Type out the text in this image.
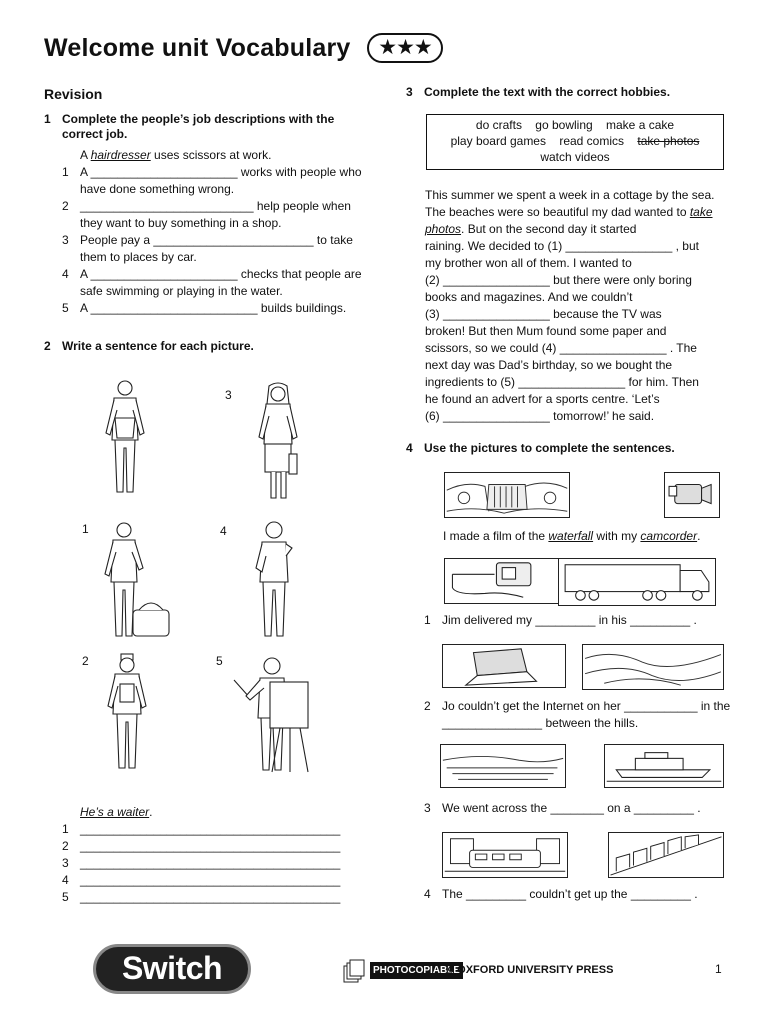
Welcome unit Vocabulary	★★★
Revision
1 Complete the people’s job descriptions with the correct job.
A hairdresser uses scissors at work.
1 A ______________________ works with people who have done something wrong.
2 __________________________ help people when they want to buy something in a shop.
3 People pay a ________________________ to take them to places by car.
4 A ______________________ checks that people are safe swimming or playing in the water.
5 A _________________________ builds buildings.
2 Write a sentence for each picture.
3
1	4
2	5
He’s a waiter.
1 _______________________________________
2 _______________________________________
3 _______________________________________
4 _______________________________________
5 _______________________________________
3 Complete the text with the correct hobbies.
do crafts go bowling make a cake
play board games read comics take photos
watch videos
This summer we spent a week in a cottage by the sea. The beaches were so beautiful my dad wanted to take photos. But on the second day it started
raining. We decided to (1) ________________ , but
my brother won all of them. I wanted to
(2) ________________ but there were only boring
books and magazines. And we couldn’t
(3) ________________ because the TV was
broken! But then Mum found some paper and
scissors, so we could (4) ________________ . The
next day was Dad’s birthday, so we bought the
ingredients to (5) ________________ for him. Then
he found an advert for a sports centre. ‘Let’s
(6) ________________ tomorrow!’ he said.
4 Use the pictures to complete the sentences.
I made a film of the waterfall with my camcorder.
1 Jim delivered my _________ in his _________ .
2 Jo couldn’t get the Internet on her ___________ in the _______________ between the hills.
3 We went across the ________ on a _________ .
4 The _________ couldn’t get up the _________ .
Switch	PHOTOCOPIABLE
© OXFORD UNIVERSITY PRESS	1
